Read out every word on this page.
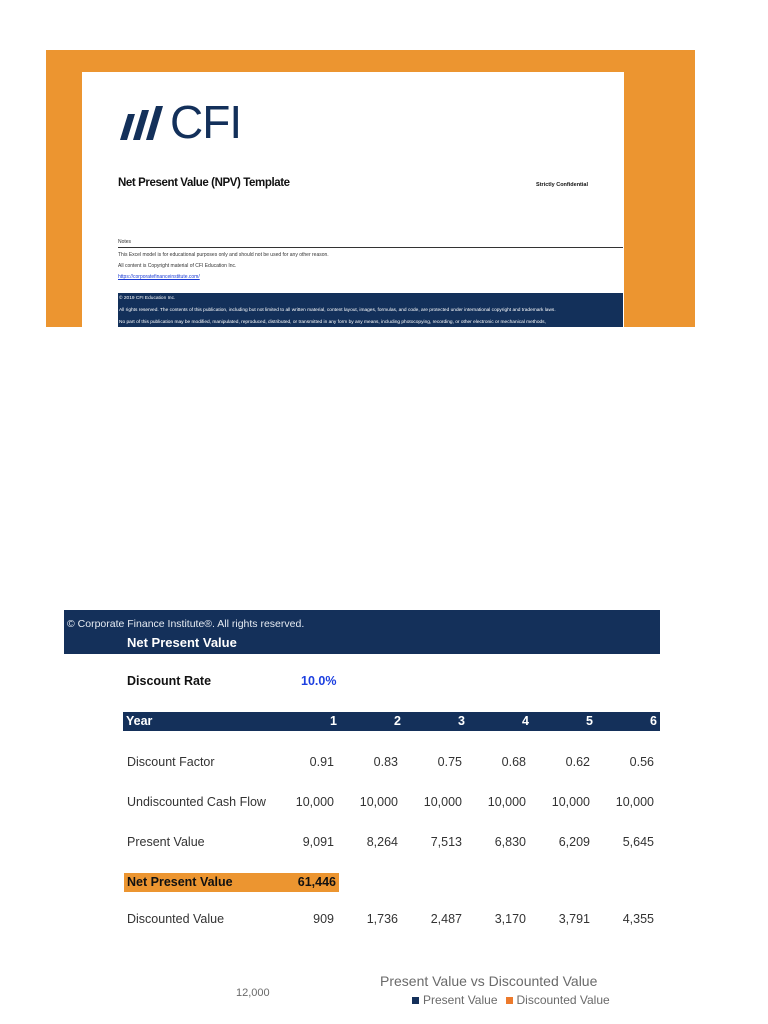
CFI
Net Present Value (NPV) Template	Strictly Confidential
Notes
This Excel model is for educational purposes only and should not be used for any other reason.
All content is Copyright material of CFI Education Inc.
https://corporatefinanceinstitute.com/
© 2019 CFI Education Inc.
All rights reserved. The contents of this publication, including but not limited to all written material, content layout, images, formulas, and code, are protected under international copyright and trademark laws.
No part of this publication may be modified, manipulated, reproduced, distributed, or transmitted in any form by any means, including photocopying, recording, or other electronic or mechanical methods,
© Corporate Finance Institute®. All rights reserved.
Net Present Value
Discount Rate	10.0%
Year	1	2	3	4	5	6
Discount Factor	0.91	0.83	0.75	0.68	0.62	0.56
Undiscounted Cash Flow	10,000	10,000	10,000	10,000	10,000	10,000
Present Value	9,091	8,264	7,513	6,830	6,209	5,645
Net Present Value	61,446
Discounted Value	909	1,736	2,487	3,170	3,791	4,355
12,000
Present Value vs Discounted Value
Present Value Discounted Value
